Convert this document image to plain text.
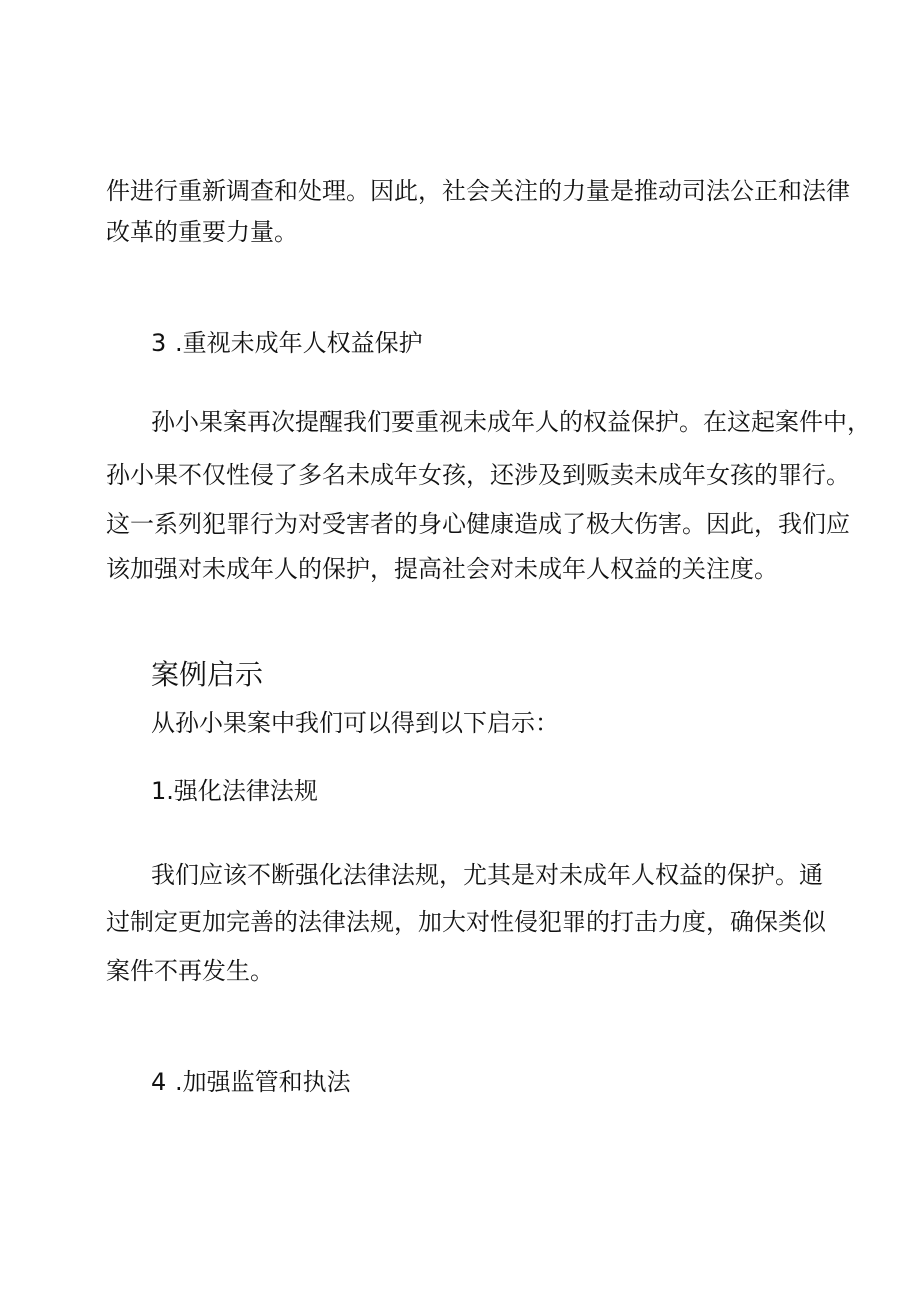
件进行重新调查和处理。因此，社会关注的力量是推动司法公正和法律

改革的重要力量。

3 .重视未成年人权益保护

孙小果案再次提醒我们要重视未成年人的权益保护。在这起案件中，

孙小果不仅性侵了多名未成年女孩，还涉及到贩卖未成年女孩的罪行。

这一系列犯罪行为对受害者的身心健康造成了极大伤害。因此，我们应

该加强对未成年人的保护，提高社会对未成年人权益的关注度。

案例启示

从孙小果案中我们可以得到以下启示：

1.强化法律法规

我们应该不断强化法律法规，尤其是对未成年人权益的保护。通

过制定更加完善的法律法规，加大对性侵犯罪的打击力度，确保类似

案件不再发生。

4 .加强监管和执法
